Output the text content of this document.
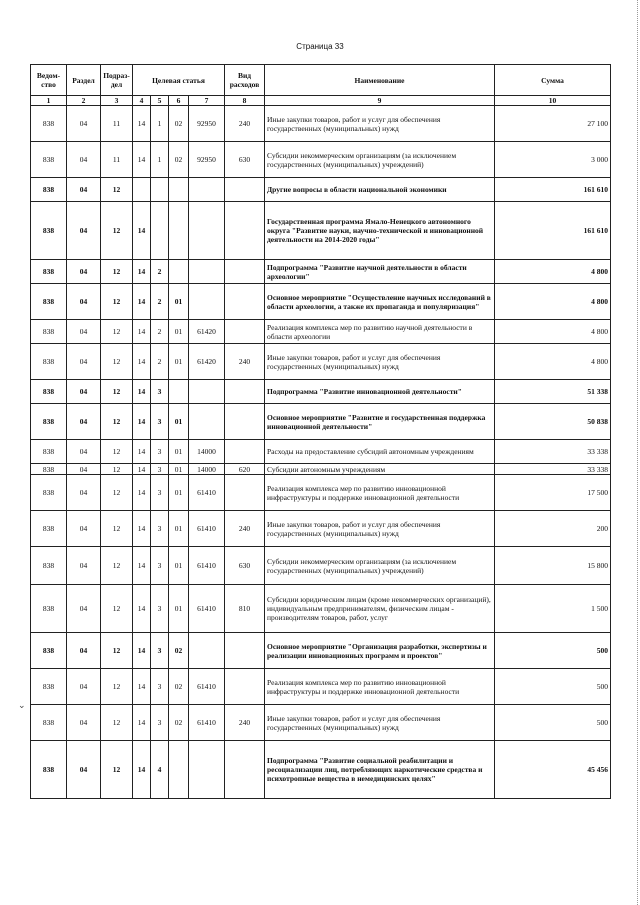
Страница 33
⌄
Ведом-ство	Раздел	Подраз-дел	Целевая статья				Вид расходов	Наименование	Сумма
1	2	3	4	5	6	7	8	9	10
838	04	11	14	1	02	92950	240	Иные закупки товаров, работ и услуг для обеспечения государственных (муниципальных) нужд	27 100
838	04	11	14	1	02	92950	630	Субсидии некоммерческим организациям (за исключением государственных (муниципальных) учреждений)	3 000
838	04	12						Другие вопросы в области национальной экономики	161 610
838	04	12	14					Государственная программа Ямало-Ненецкого автономного округа "Развитие науки, научно-технической и инновационной деятельности на 2014-2020 годы"	161 610
838	04	12	14	2				Подпрограмма "Развитие научной деятельности в области археологии"	4 800
838	04	12	14	2	01			Основное мероприятие "Осуществление научных исследований в области археологии, а также их пропаганда и популяризация"	4 800
838	04	12	14	2	01	61420		Реализация комплекса мер по развитию научной деятельности в области археологии	4 800
838	04	12	14	2	01	61420	240	Иные закупки товаров, работ и услуг для обеспечения государственных (муниципальных) нужд	4 800
838	04	12	14	3				Подпрограмма "Развитие инновационной деятельности"	51 338
838	04	12	14	3	01			Основное мероприятие "Развитие и государственная поддержка инновационной деятельности"	50 838
838	04	12	14	3	01	14000		Расходы на предоставление субсидий автономным учреждениям	33 338
838	04	12	14	3	01	14000	620	Субсидии автономным учреждениям	33 338
838	04	12	14	3	01	61410		Реализация комплекса мер по развитию инновационной инфраструктуры и поддержке инновационной деятельности	17 500
838	04	12	14	3	01	61410	240	Иные закупки товаров, работ и услуг для обеспечения государственных (муниципальных) нужд	200
838	04	12	14	3	01	61410	630	Субсидии некоммерческим организациям (за исключением государственных (муниципальных) учреждений)	15 800
838	04	12	14	3	01	61410	810	Субсидии юридическим лицам (кроме некоммерческих организаций), индивидуальным предпринимателям, физическим лицам - производителям товаров, работ, услуг	1 500
838	04	12	14	3	02			Основное мероприятие "Организация разработки, экспертизы и реализации инновационных программ и проектов"	500
838	04	12	14	3	02	61410		Реализация комплекса мер по развитию инновационной инфраструктуры и поддержке инновационной деятельности	500
838	04	12	14	3	02	61410	240	Иные закупки товаров, работ и услуг для обеспечения государственных (муниципальных) нужд	500
838	04	12	14	4				Подпрограмма "Развитие социальной реабилитации и ресоциализации лиц, потребляющих наркотические средства и психотропные вещества в немедицинских целях"	45 456
